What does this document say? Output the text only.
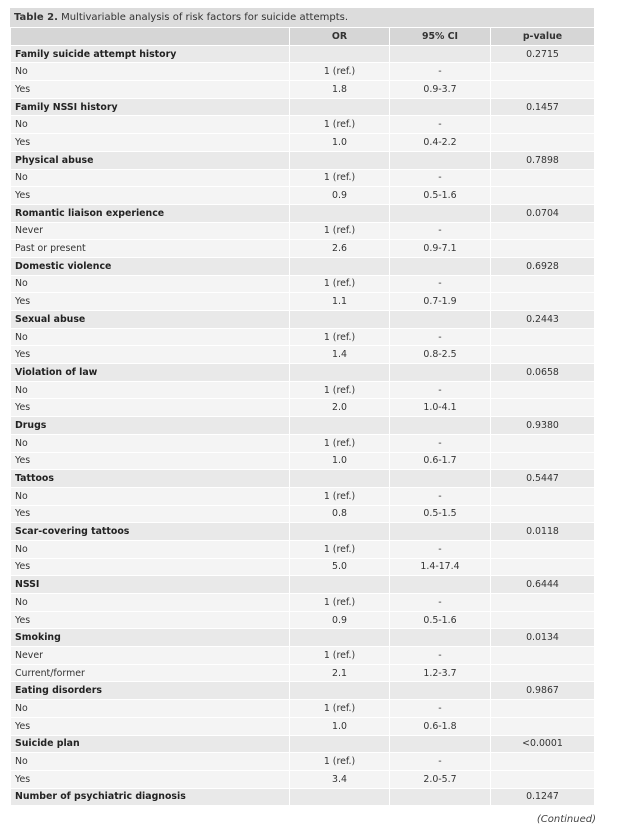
Table 2. Multivariable analysis of risk factors for suicide attempts.
	OR	95% CI	p-value
Family suicide attempt history			0.2715
No	1 (ref.)	-	
Yes	1.8	0.9-3.7	
Family NSSI history			0.1457
No	1 (ref.)	-	
Yes	1.0	0.4-2.2	
Physical abuse			0.7898
No	1 (ref.)	-	
Yes	0.9	0.5-1.6	
Romantic liaison experience			0.0704
Never	1 (ref.)	-	
Past or present	2.6	0.9-7.1	
Domestic violence			0.6928
No	1 (ref.)	-	
Yes	1.1	0.7-1.9	
Sexual abuse			0.2443
No	1 (ref.)	-	
Yes	1.4	0.8-2.5	
Violation of law			0.0658
No	1 (ref.)	-	
Yes	2.0	1.0-4.1	
Drugs			0.9380
No	1 (ref.)	-	
Yes	1.0	0.6-1.7	
Tattoos			0.5447
No	1 (ref.)	-	
Yes	0.8	0.5-1.5	
Scar-covering tattoos			0.0118
No	1 (ref.)	-	
Yes	5.0	1.4-17.4	
NSSI			0.6444
No	1 (ref.)	-	
Yes	0.9	0.5-1.6	
Smoking			0.0134
Never	1 (ref.)	-	
Current/former	2.1	1.2-3.7	
Eating disorders			0.9867
No	1 (ref.)	-	
Yes	1.0	0.6-1.8	
Suicide plan			<0.0001
No	1 (ref.)	-	
Yes	3.4	2.0-5.7	
Number of psychiatric diagnosis			0.1247
(Continued)
